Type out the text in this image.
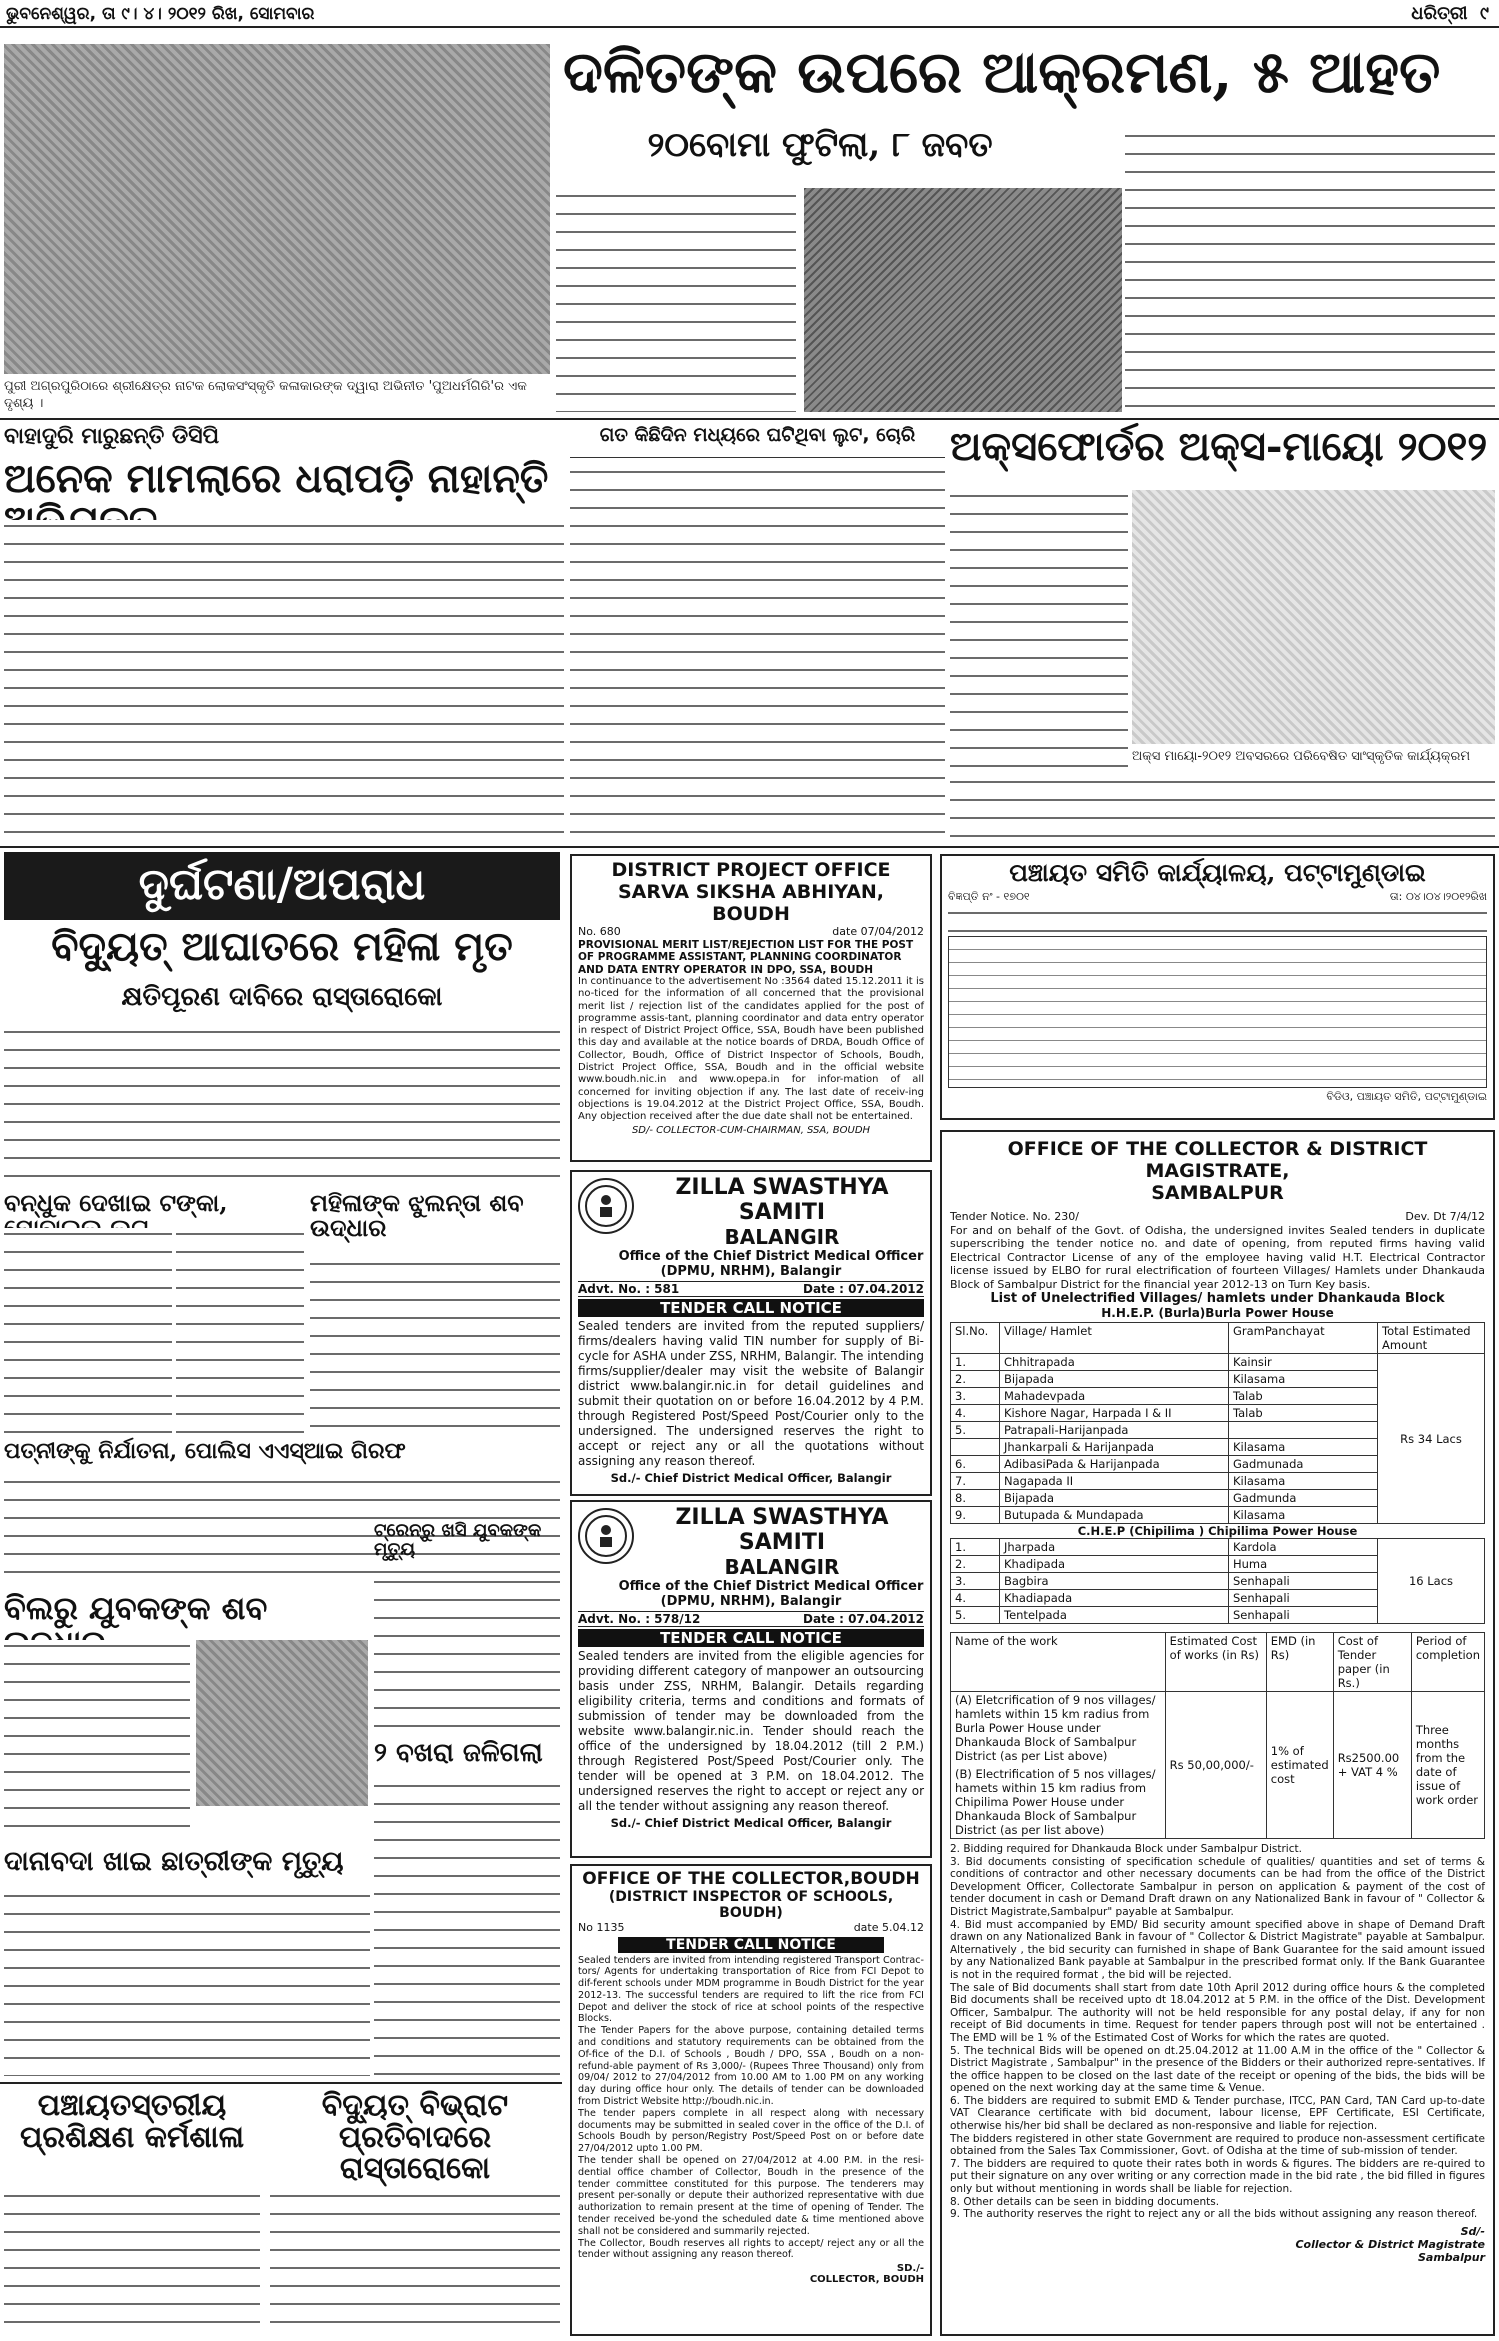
ଭୁବନେଶ୍ୱର, ତା ୯। ୪। ୨୦୧୨ ରିଖ, ସୋମବାର	ଧରିତ୍ରୀ ୯
ପୁରୀ ଅଗ୍ରପୁରିଠାରେ ଶ୍ରୀକ୍ଷେତ୍ର ନାଟକ ଲୋକସଂସ୍କୃତି କଳାକାରଙ୍କ ଦ୍ୱାରା ଅଭିନୀତ 'ପୁଅଧର୍ମଗିରି'ର ଏକ ଦୃଶ୍ୟ ।
ଦଳିତଙ୍କ ଉପରେ ଆକ୍ରମଣ, ୫ ଆହତ
୨୦ବୋମା ଫୁଟିଲା, ୮ ଜବତ
ବାହାଦୁରି ମାରୁଛନ୍ତି ଡିସିପି
ଅନେକ ମାମଲାରେ ଧରାପଡ଼ି ନାହାନ୍ତି
ଗତ କିଛିଦିନ ମଧ୍ୟରେ ଘଟିଥିବା ଲୁଟ, ଚୋରି ଅକ୍ସଫୋର୍ଡର ଅକ୍ସ-ମାୟୋ ୨୦୧୨
ଅକ୍ସ ମାୟୋ-୨୦୧୨ ଅବସରରେ ପରିବେଷିତ ସାଂସ୍କୃତିକ କାର୍ଯ୍ୟକ୍ରମ
ଦୁର୍ଘଟଣା/ଅପରାଧ
ବିଦ୍ୟୁତ୍ ଆଘାତରେ ମହିଳା ମୃତ
କ୍ଷତିପୂରଣ ଦାବିରେ ରାସ୍ତାରୋକୋ
ବନ୍ଧୁକ ଦେଖାଇ ଟଙ୍କା,	ମହିଳାଙ୍କ ଝୁଲନ୍ତା ଶବ ଉଦ୍ଧାର
ପତ୍ନୀଙ୍କୁ ନିର୍ଯାତନା, ପୋଲିସ ଏଏସ୍ଆଇ ଗିରଫ
ବିଲରୁ ଯୁବକଙ୍କ ଶବ
ଟ୍ରେନ୍ରୁ ଖସି ଯୁବକଙ୍କ ମୃତ୍ୟୁ
୨ ବଖରା ଜଳିଗଲା
ଦାନାବଦା ଖାଇ ଛାତ୍ରୀଙ୍କ ମୃତ୍ୟୁ
ପଞ୍ଚାୟତସ୍ତରୀୟ ପ୍ରଶିକ୍ଷଣ କର୍ମଶାଳା
ବିଦ୍ୟୁତ୍ ବିଭ୍ରାଟ ପ୍ରତିବାଦରେ ରାସ୍ତାରୋକୋ
DISTRICT PROJECT OFFICE
SARVA SIKSHA ABHIYAN, BOUDH
No. 680	date 07/04/2012
PROVISIONAL MERIT LIST/REJECTION LIST FOR THE POST OF PROGRAMME ASSISTANT, PLANNING COORDINATOR AND DATA ENTRY OPERATOR IN DPO, SSA, BOUDH
In continuance to the advertisement No :3564 dated 15.12.2011 it is no-ticed for the information of all concerned that the provisional merit list / rejection list of the candidates applied for the post of programme assis-tant, planning coordinator and data entry operator in respect of District Project Office, SSA, Boudh have been published this day and available at the notice boards of DRDA, Boudh Office of Collector, Boudh, Office of District Inspector of Schools, Boudh, District Project Office, SSA, Boudh and in the official website www.boudh.nic.in and www.opepa.in for infor-mation of all concerned for inviting objection if any. The last date of receiv-ing objections is 19.04.2012 at the District Project Office, SSA, Boudh. Any objection received after the due date shall not be entertained.
SD/- COLLECTOR-CUM-CHAIRMAN, SSA, BOUDH
ZILLA SWASTHYA SAMITI
BALANGIR
Office of the Chief District Medical Officer
(DPMU, NRHM), Balangir
Advt. No. : 581	Date : 07.04.2012
TENDER CALL NOTICE
Sealed tenders are invited from the reputed suppliers/ firms/dealers having valid TIN number for supply of Bi-cycle for ASHA under ZSS, NRHM, Balangir. The intending firms/supplier/dealer may visit the website of Balangir district www.balangir.nic.in for detail guidelines and submit their quotation on or before 16.04.2012 by 4 P.M. through Registered Post/Speed Post/Courier only to the undersigned. The undersigned reserves the right to accept or reject any or all the quotations without assigning any reason thereof.
Sd./- Chief District Medical Officer, Balangir
ZILLA SWASTHYA SAMITI
BALANGIR
Office of the Chief District Medical Officer
(DPMU, NRHM), Balangir
Advt. No. : 578/12	Date : 07.04.2012
TENDER CALL NOTICE
Sealed tenders are invited from the eligible agencies for providing different category of manpower an outsourcing basis under ZSS, NRHM, Balangir. Details regarding eligibility criteria, terms and conditions and formats of submission of tender may be downloaded from the website www.balangir.nic.in. Tender should reach the office of the undersigned by 18.04.2012 (till 2 P.M.) through Registered Post/Speed Post/Courier only. The tender will be opened at 3 P.M. on 18.04.2012. The undersigned reserves the right to accept or reject any or all the tender without assigning any reason thereof.
Sd./- Chief District Medical Officer, Balangir
OFFICE OF THE COLLECTOR,BOUDH
(DISTRICT INSPECTOR OF SCHOOLS, BOUDH)
No 1135	date 5.04.12
TENDER CALL NOTICE
Sealed tenders are invited from intending registered Transport Contrac-tors/ Agents for undertaking transportation of Rice from FCI Depot to dif-ferent schools under MDM programme in Boudh District for the year 2012-13. The successful tenders are required to lift the rice from FCI Depot and deliver the stock of rice at school points of the respective Blocks.
The Tender Papers for the above purpose, containing detailed terms and conditions and statutory requirements can be obtained from the Of-fice of the D.I. of Schools , Boudh / DPO, SSA , Boudh on a non-refund-able payment of Rs 3,000/- (Rupees Three Thousand) only from 09/04/ 2012 to 27/04/2012 from 10.00 AM to 1.00 PM on any working day during office hour only. The details of tender can be downloaded from District Website http://boudh.nic.in.
The tender papers complete in all respect along with necessary documents may be submitted in sealed cover in the office of the D.I. of Schools Boudh by person/Registry Post/Speed Post on or before date 27/04/2012 upto 1.00 PM.
The tender shall be opened on 27/04/2012 at 4.00 P.M. in the resi-dential office chamber of Collector, Boudh in the presence of the tender committee constituted for this purpose. The tenderers may present per-sonally or depute their authorized representative with due authorization to remain present at the time of opening of Tender. The tender received be-yond the scheduled date & time mentioned above shall not be considered and summarily rejected.
The Collector, Boudh reserves all rights to accept/ reject any or all the tender without assigning any reason thereof.
SD./-
COLLECTOR, BOUDH
ପଞ୍ଚାୟତ ସମିତି କାର୍ଯ୍ୟାଳୟ, ପଟ୍ଟାମୁଣ୍ଡାଇ
ବିଜ୍ଞପ୍ତି ନଂ - ୧୭୦୧	ତା: ୦୪।୦୪।୨୦୧୨ରିଖ
ବିଡିଓ, ପଞ୍ଚାୟତ ସମିତି, ପଟ୍ଟାମୁଣ୍ଡାଇ
OFFICE OF THE COLLECTOR & DISTRICT MAGISTRATE,
SAMBALPUR
Tender Notice. No. 230/	Dev. Dt 7/4/12
For and on behalf of the Govt. of Odisha, the undersigned invites Sealed tenders in duplicate superscribing the tender notice no. and date of opening, from reputed firms having valid Electrical Contractor License of any of the employee having valid H.T. Electrical Contractor license issued by ELBO for rural electrification of fourteen Villages/ Hamlets under Dhankauda Block of Sambalpur District for the financial year 2012-13 on Turn Key basis.
List of Unelectrified Villages/ hamlets under Dhankauda Block
H.H.E.P. (Burla)Burla Power House
Sl.No.	Village/ Hamlet	GramPanchayat	Total Estimated Amount
1.	Chhitrapada	Kainsir	Rs 34 Lacs
2.	Bijapada	Kilasama	
3.	Mahadevpada	Talab	
4.	Kishore Nagar, Harpada I & II	Talab	
5.	Patrapali-Harijanpada		
	Jhankarpali & Harijanpada	Kilasama	
6.	AdibasiPada & Harijanpada	Gadmunada	
7.	Nagapada II	Kilasama	
8.	Bijapada	Gadmunda	
9.	Butupada & Mundapada	Kilasama	
C.H.E.P (Chipilima ) Chipilima Power House
1.	Jharpada	Kardola	16 Lacs
2.	Khadipada	Huma	
3.	Bagbira	Senhapali	
4.	Khadiapada	Senhapali	
5.	Tentelpada	Senhapali	
Name of the work	Estimated Cost of works (in Rs)	EMD (in Rs)	Cost of Tender paper (in Rs.)	Period of completion

(A) Eletcrification of 9 nos villages/ hamlets within 15 km radius from Burla Power House under Dhankauda Block of Sambalpur District (as per List above)
(B) Electrification of 5 nos villages/ hamets within 15 km radius from Chipilima Power House under Dhankauda Block of Sambalpur District (as per list above)	Rs 50,00,000/-	1% of estimated cost	Rs2500.00 + VAT 4 %	Three months from the date of issue of work order
2. Bidding required for Dhankauda Block under Sambalpur District.
3. Bid documents consisting of specification schedule of qualities/ quantities and set of terms & conditions of contractor and other necessary documents can be had from the office of the District Development Officer, Collectorate Sambalpur in person on application & payment of the cost of tender document in cash or Demand Draft drawn on any Nationalized Bank in favour of " Collector & District Magistrate,Sambalpur" payable at Sambalpur.
4. Bid must accompanied by EMD/ Bid security amount specified above in shape of Demand Draft drawn on any Nationalized Bank in favour of " Collector & District Magistrate" payable at Sambalpur. Alternatively , the bid security can furnished in shape of Bank Guarantee for the said amount issued by any Nationalized Bank payable at Sambalpur in the prescribed format only. If the Bank Guarantee is not in the required format , the bid will be rejected.
The sale of Bid documents shall start from date 10th April 2012 during office hours & the completed Bid documents shall be received upto dt 18.04.2012 at 5 P.M. in the office of the Dist. Development Officer, Sambalpur. The authority will not be held responsible for any postal delay, if any for non receipt of Bid documents in time. Request for tender papers through post will not be entertained . The EMD will be 1 % of the Estimated Cost of Works for which the rates are quoted.
5. The technical Bids will be opened on dt.25.04.2012 at 11.00 A.M in the office of the " Collector & District Magistrate , Sambalpur" in the presence of the Bidders or their authorized repre-sentatives. If the office happen to be closed on the last date of the receipt or opening of the bids, the bids will be opened on the next working day at the same time & Venue.
6. The bidders are required to submit EMD & Tender purchase, ITCC, PAN Card, TAN Card up-to-date VAT Clearance certificate with bid document, labour license, EPF Certificate, ESI Certificate, otherwise his/her bid shall be declared as non-responsive and liable for rejection.
The bidders registered in other state Government are required to produce non-assessment certificate obtained from the Sales Tax Commissioner, Govt. of Odisha at the time of sub-mission of tender.
7. The bidders are required to quote their rates both in words & figures. The bidders are re-quired to put their signature on any over writing or any correction made in the bid rate , the bid filled in figures only but without mentioning in words shall be liable for rejection.
8. Other details can be seen in bidding documents.
9. The authority reserves the right to reject any or all the bids without assigning any reason thereof.
Sd/-
Collector & District Magistrate
Sambalpur
